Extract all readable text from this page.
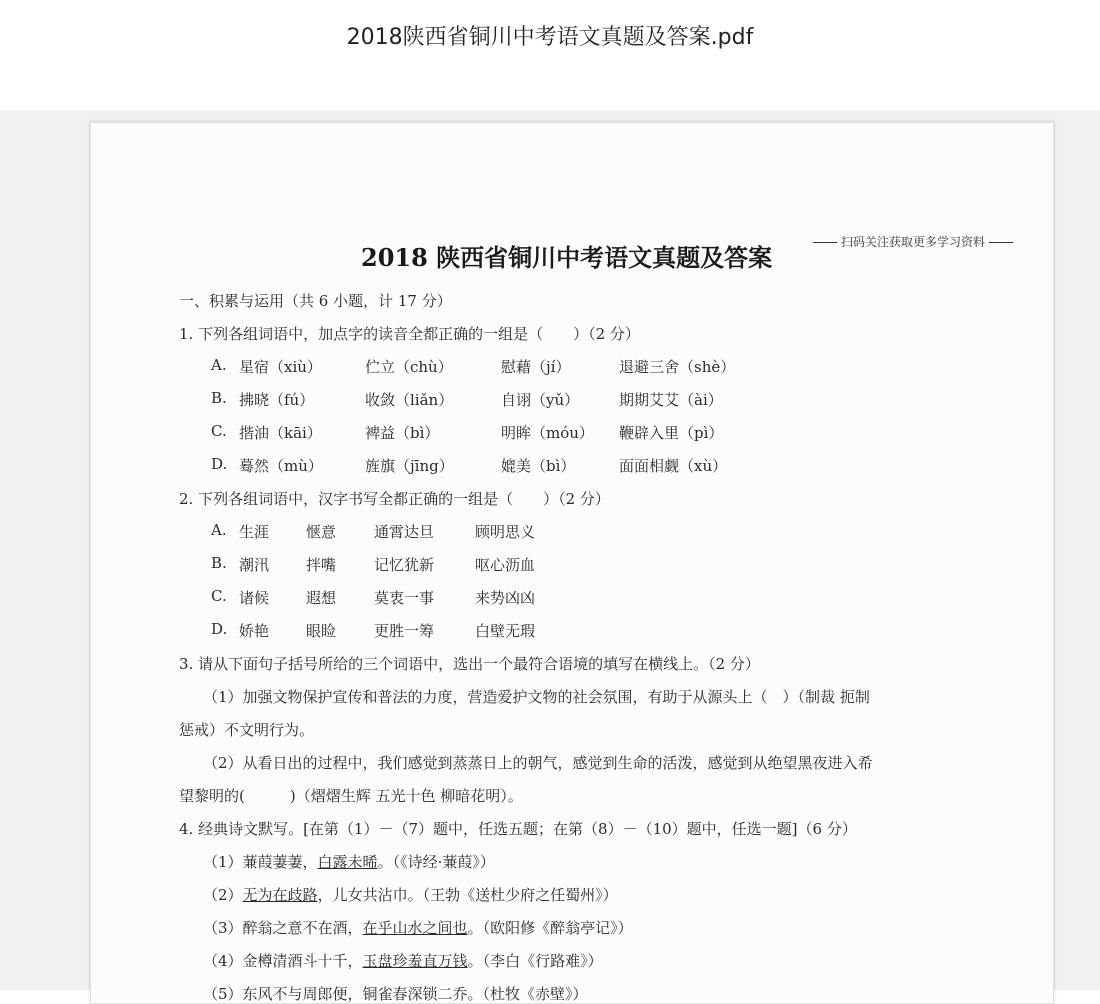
2018陕西省铜川中考语文真题及答案.pdf
扫码关注获取更多学习资料
2018 陕西省铜川中考语文真题及答案
一、积累与运用（共 6 小题，计 17 分）
1. 下列各组词语中，加点字的读音全都正确的一组是（　　）（2 分）
A. 星宿（xiù）	伫立（chù）	慰藉（jí）	退避三舍（shè）
B. 拂晓（fú）	收敛（liǎn）	自诩（yǔ）	期期艾艾（ài）
C. 揩油（kāi）	裨益（bì）	明眸（móu） 鞭辟入里（pì）
D. 蓦然（mù）	旌旗（jīng）	媲美（bì）	面面相觑（xù）
2. 下列各组词语中，汉字书写全都正确的一组是（　　）（2 分）
A. 生涯 惬意	通霄达旦	顾明思义
B. 潮汛 拌嘴	记忆犹新	呕心沥血
C. 诸候 遐想	莫衷一事	来势凶凶
D. 娇艳 眼睑	更胜一筹	白壁无瑕
3. 请从下面句子括号所给的三个词语中，选出一个最符合语境的填写在横线上。（2 分）
（1）加强文物保护宣传和普法的力度，营造爱护文物的社会氛围，有助于从源头上（　）（制裁 扼制
惩戒）不文明行为。
（2）从看日出的过程中，我们感觉到蒸蒸日上的朝气，感觉到生命的活泼，感觉到从绝望黑夜进入希
望黎明的(　　　)（熠熠生辉 五光十色 柳暗花明）。
4. 经典诗文默写。[在第（1）－（7）题中，任选五题；在第（8）－（10）题中，任选一题]（6 分）
（1）蒹葭萋萋，白露未晞。（《诗经·蒹葭》）
（2）无为在歧路，儿女共沾巾。（王勃《送杜少府之任蜀州》）
（3）醉翁之意不在酒，在乎山水之间也。（欧阳修《醉翁亭记》）
（4）金樽清酒斗十千，玉盘珍羞直万钱。（李白《行路难》）
（5）东风不与周郎便，铜雀春深锁二乔。（杜牧《赤壁》）
